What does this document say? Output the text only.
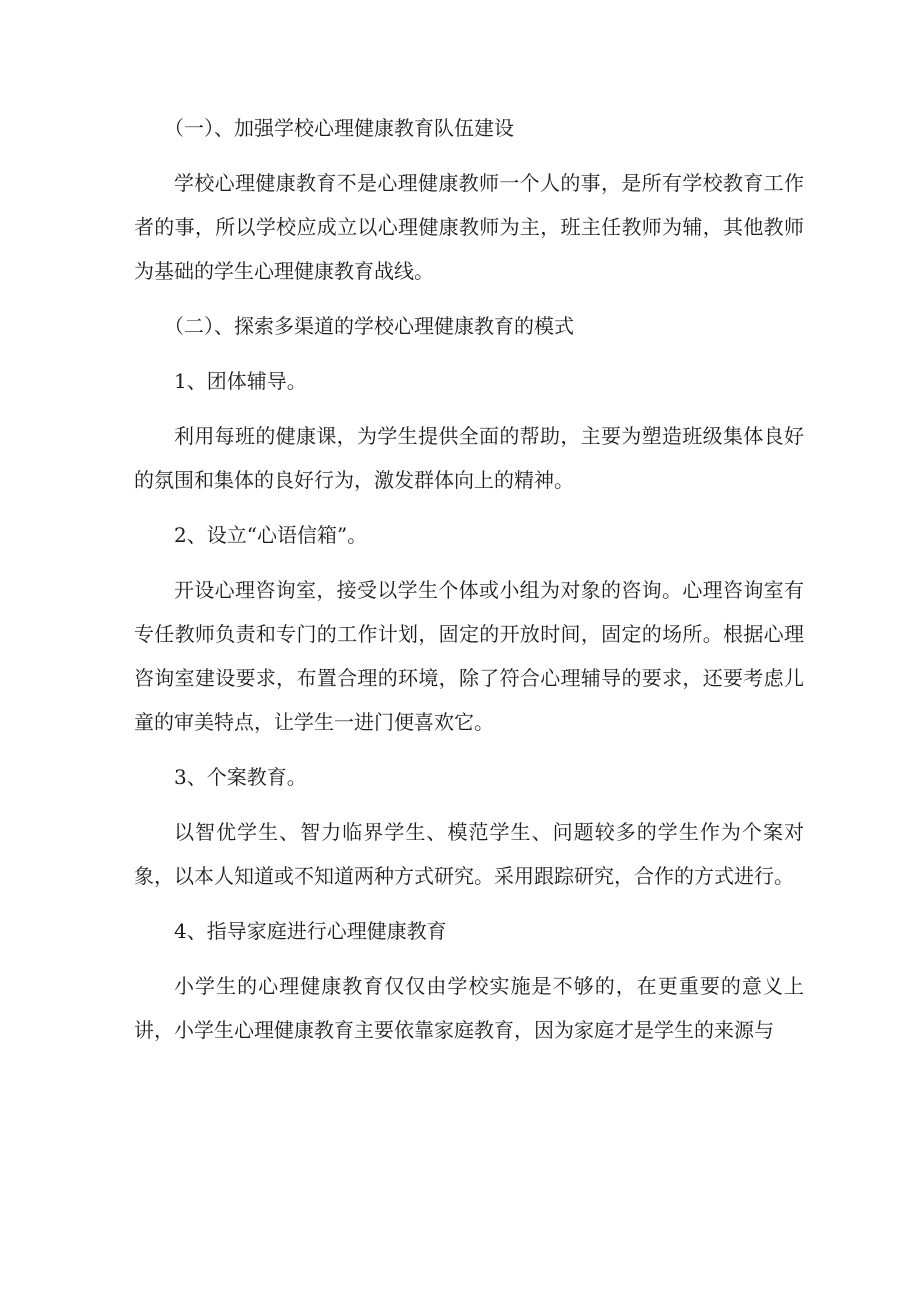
（一）、加强学校心理健康教育队伍建设

学校心理健康教育不是心理健康教师一个人的事，是所有学校教育工作者的事，所以学校应成立以心理健康教师为主，班主任教师为辅，其他教师为基础的学生心理健康教育战线。

（二）、探索多渠道的学校心理健康教育的模式

1、团体辅导。

利用每班的健康课，为学生提供全面的帮助，主要为塑造班级集体良好的氛围和集体的良好行为，激发群体向上的精神。

2、设立“心语信箱”。

开设心理咨询室，接受以学生个体或小组为对象的咨询。心理咨询室有专任教师负责和专门的工作计划，固定的开放时间，固定的场所。根据心理咨询室建设要求，布置合理的环境，除了符合心理辅导的要求，还要考虑儿童的审美特点，让学生一进门便喜欢它。

3、个案教育。

以智优学生、智力临界学生、模范学生、问题较多的学生作为个案对象，以本人知道或不知道两种方式研究。采用跟踪研究，合作的方式进行。

4、指导家庭进行心理健康教育

小学生的心理健康教育仅仅由学校实施是不够的，在更重要的意义上讲，小学生心理健康教育主要依靠家庭教育，因为家庭才是学生的来源与
